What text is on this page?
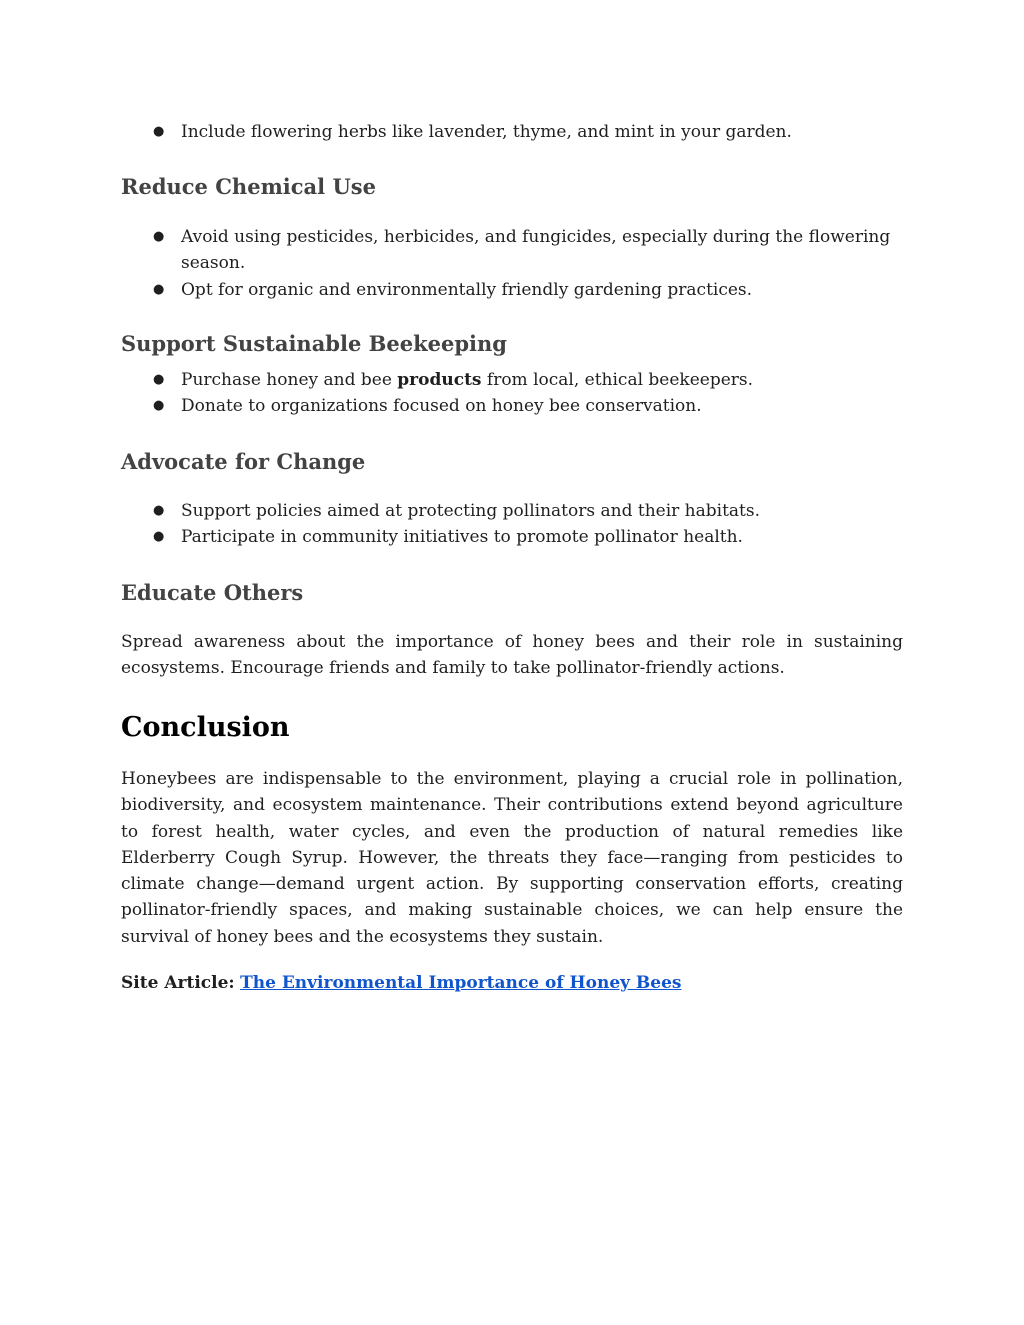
● Include flowering herbs like lavender, thyme, and mint in your garden.
Reduce Chemical Use
● Avoid using pesticides, herbicides, and fungicides, especially during the flowering season.
● Opt for organic and environmentally friendly gardening practices.
Support Sustainable Beekeeping
● Purchase honey and bee products from local, ethical beekeepers.
● Donate to organizations focused on honey bee conservation.
Advocate for Change
● Support policies aimed at protecting pollinators and their habitats.
● Participate in community initiatives to promote pollinator health.
Educate Others

Spread awareness about the importance of honey bees and their role in sustaining ecosystems. Encourage friends and family to take pollinator-friendly actions.

Conclusion

Honeybees are indispensable to the environment, playing a crucial role in pollination, biodiversity, and ecosystem maintenance. Their contributions extend beyond agriculture to forest health, water cycles, and even the production of natural remedies like Elderberry Cough Syrup. However, the threats they face—ranging from pesticides to climate change—demand urgent action. By supporting conservation efforts, creating pollinator-friendly spaces, and making sustainable choices, we can help ensure the survival of honey bees and the ecosystems they sustain.

Site Article: The Environmental Importance of Honey Bees
